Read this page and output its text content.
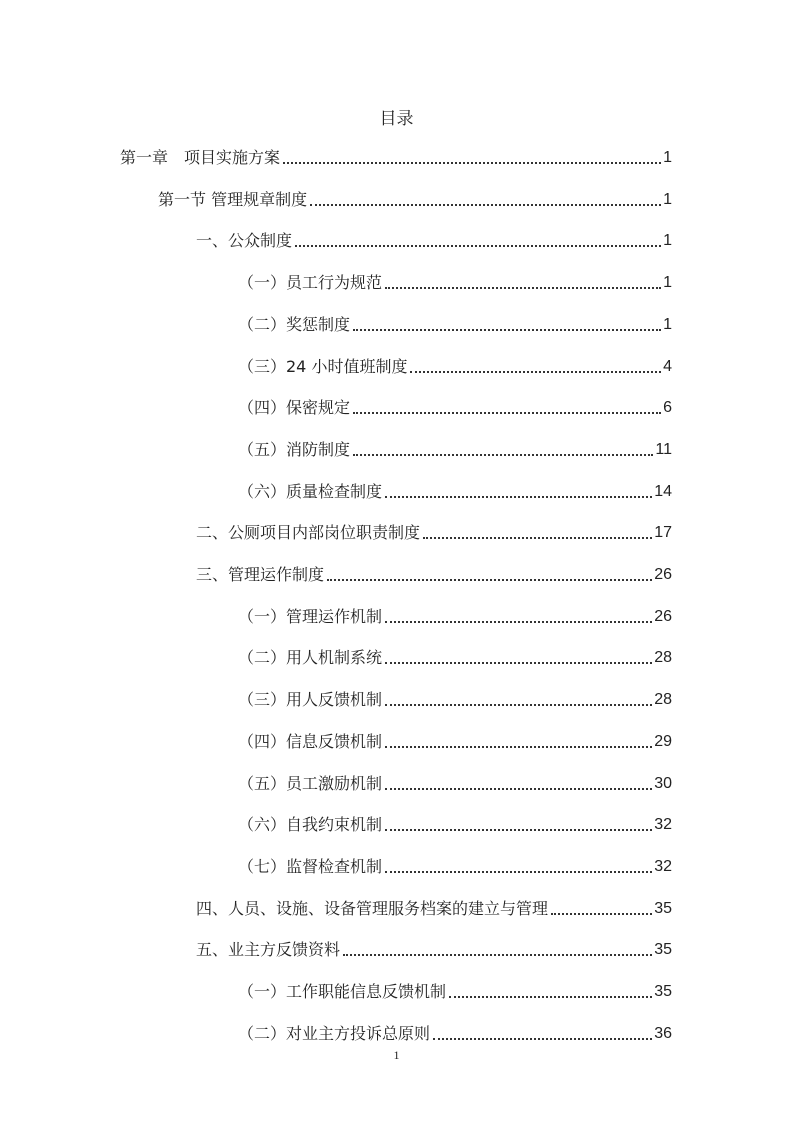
目录
第一章　项目实施方案	1
第一节 管理规章制度	1
一、公众制度	1
（一）员工行为规范	1
（二）奖惩制度	1
（三）24 小时值班制度	4
（四）保密规定	6
（五）消防制度	11
（六）质量检查制度	14
二、公厕项目内部岗位职责制度	17
三、管理运作制度	26
（一）管理运作机制	26
（二）用人机制系统	28
（三）用人反馈机制	28
（四）信息反馈机制	29
（五）员工激励机制	30
（六）自我约束机制	32
（七）监督检查机制	32
四、人员、设施、设备管理服务档案的建立与管理	35
五、业主方反馈资料	35
（一）工作职能信息反馈机制	35
（二）对业主方投诉总原则	36
1
